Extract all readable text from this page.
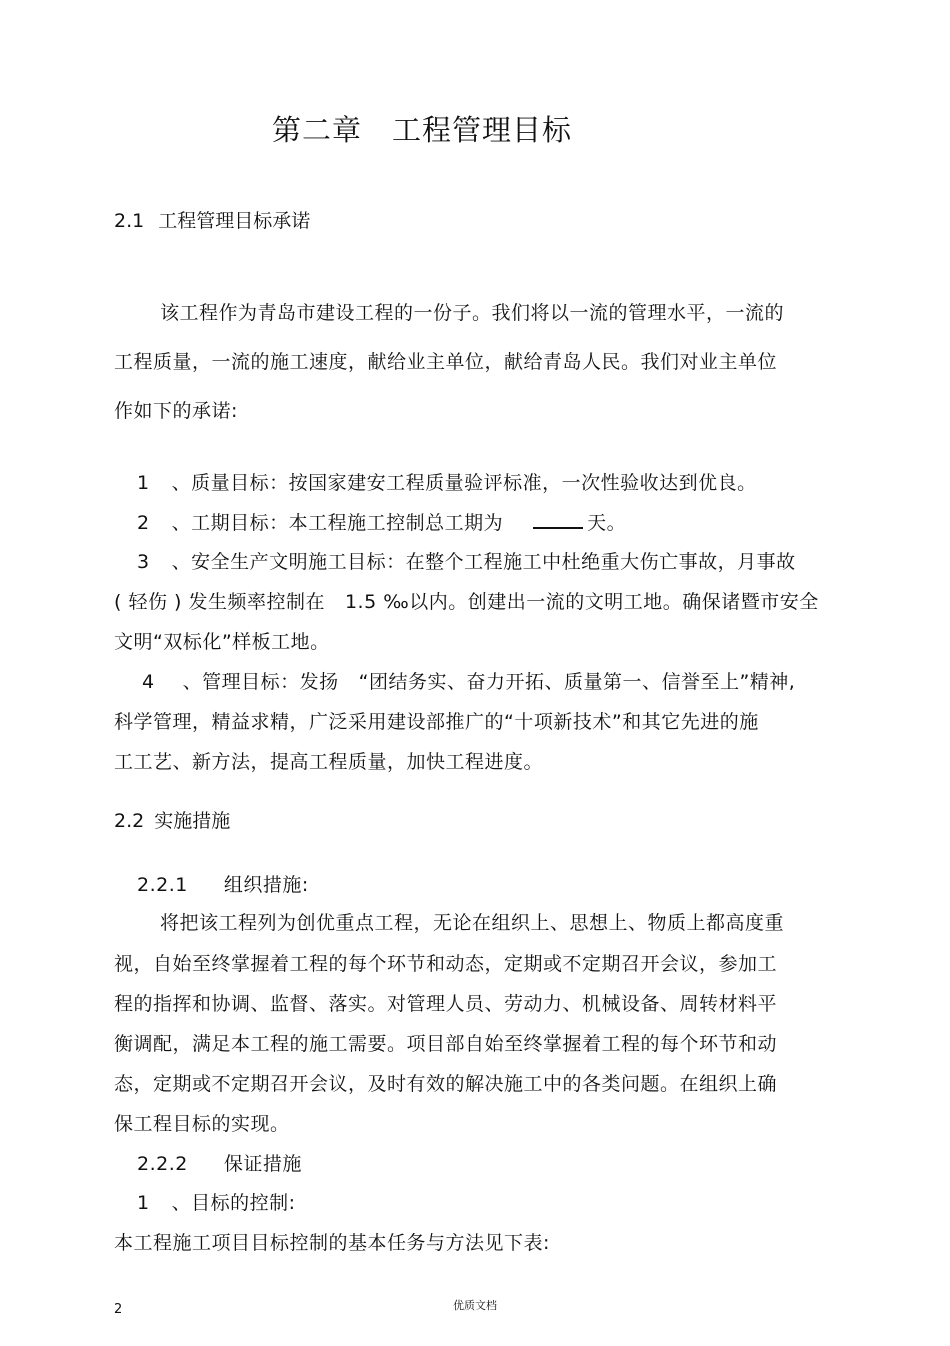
第二章 工程管理目标
2.1 工程管理目标承诺
该工程作为青岛市建设工程的一份子。我们将以一流的管理水平，一流的
工程质量，一流的施工速度，献给业主单位，献给青岛人民。我们对业主单位
作如下的承诺:
1 、质量目标：按国家建安工程质量验评标准，一次性验收达到优良。
2 、工期目标：本工程施工控制总工期为	天。
3 、安全生产文明施工目标：在整个工程施工中杜绝重大伤亡事故，月事故
( 轻伤 ) 发生频率控制在 1.5 ‰以内。创建出一流的文明工地。确保诸暨市安全
文明“双标化”样板工地。
4 、管理目标：发扬 “团结务实、奋力开拓、质量第一、信誉至上”精神,
科学管理，精益求精，广泛采用建设部推广的“十项新技术”和其它先进的施
工工艺、新方法，提高工程质量，加快工程进度。
2.2 实施措施
2.2.1 组织措施:
将把该工程列为创优重点工程，无论在组织上、思想上、物质上都高度重
视，自始至终掌握着工程的每个环节和动态，定期或不定期召开会议，参加工
程的指挥和协调、监督、落实。对管理人员、劳动力、机械设备、周转材料平
衡调配，满足本工程的施工需要。项目部自始至终掌握着工程的每个环节和动
态，定期或不定期召开会议，及时有效的解决施工中的各类问题。在组织上确
保工程目标的实现。
2.2.2 保证措施
1 、目标的控制:
本工程施工项目目标控制的基本任务与方法见下表:
2	优质文档
